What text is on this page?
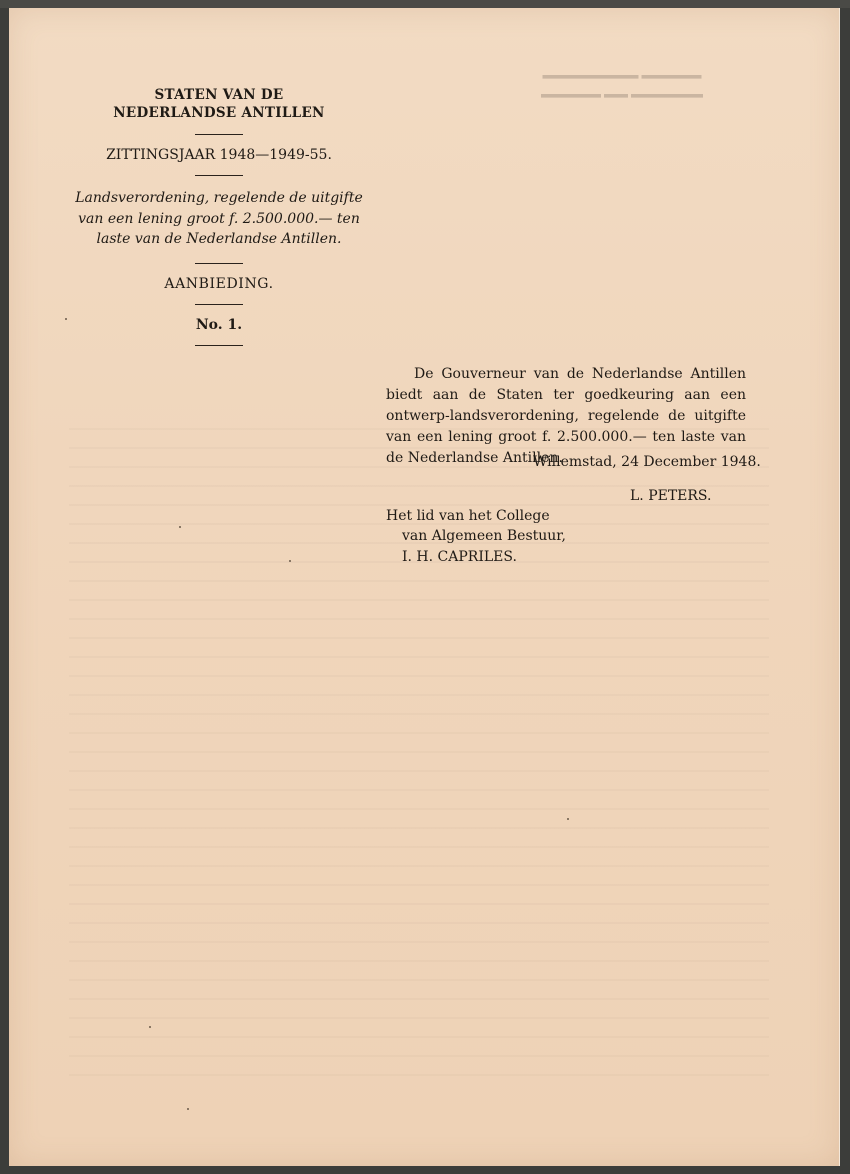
▬▬▬▬▬ ▬▬ ▬▬▬▬▬▬
▬▬▬▬▬▬▬▬ ▬▬▬▬▬
STATEN VAN DE
NEDERLANDSE ANTILLEN
ZITTINGSJAAR 1948—1949-55.
Landsverordening, regelende de uitgifte
van een lening groot f. 2.500.000.— ten
laste van de Nederlandse Antillen.
AANBIEDING.
No. 1.
De Gouverneur van de Nederlandse Antillen biedt aan de Staten ter goedkeuring aan een ontwerp-landsverordening, regelende de uitgifte van een lening groot f. 2.500.000.— ten laste van de Nederlandse Antillen.
Willemstad, 24 December 1948.
L. PETERS.
Het lid van het College
van Algemeen Bestuur,
I. H. CAPRILES.
